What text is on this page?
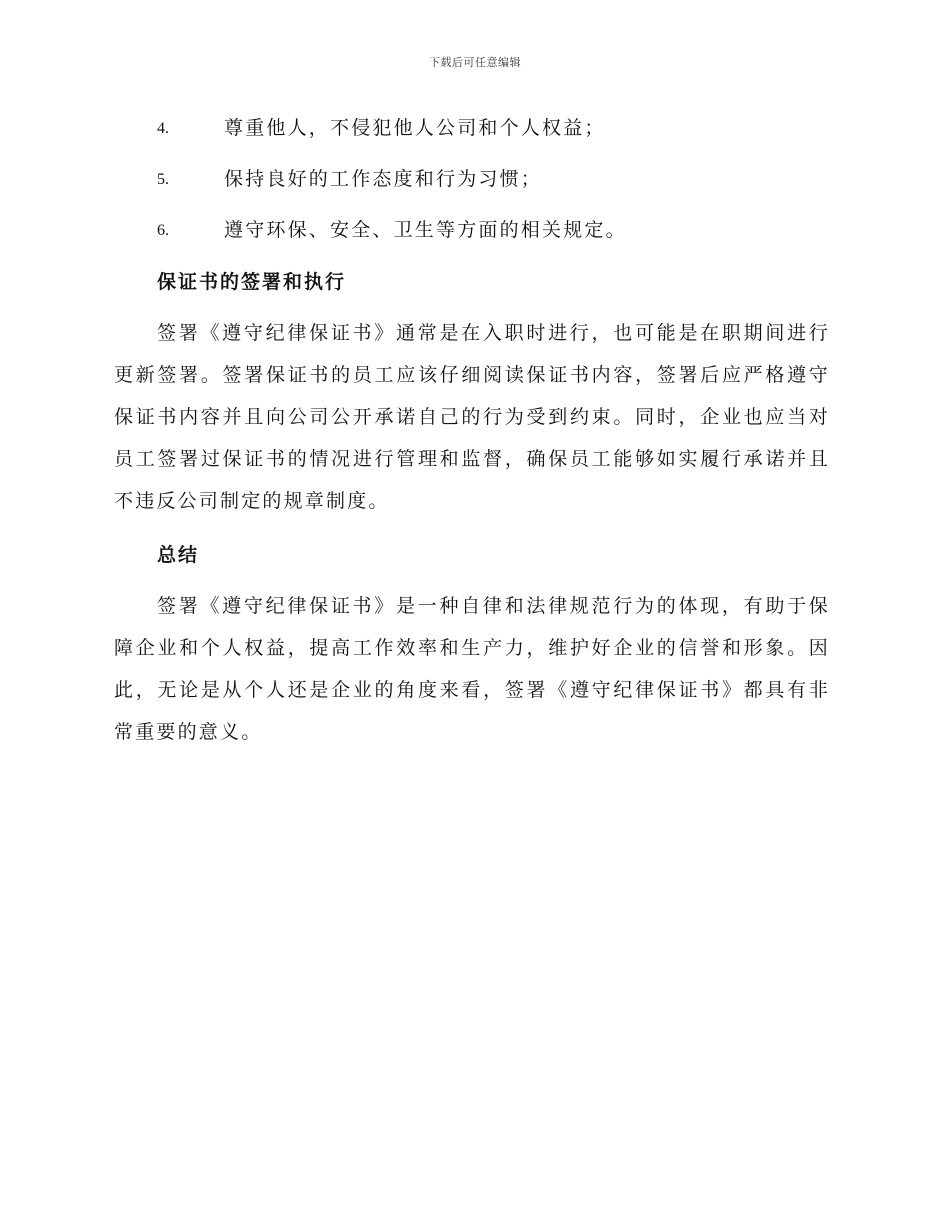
下载后可任意编辑
4.	尊重他人，不侵犯他人公司和个人权益；
5.	保持良好的工作态度和行为习惯；
6.	遵守环保、安全、卫生等方面的相关规定。
保证书的签署和执行

签署《遵守纪律保证书》通常是在入职时进行，也可能是在职期间进行更新签署。签署保证书的员工应该仔细阅读保证书内容，签署后应严格遵守保证书内容并且向公司公开承诺自己的行为受到约束。同时，企业也应当对员工签署过保证书的情况进行管理和监督，确保员工能够如实履行承诺并且不违反公司制定的规章制度。

总结

签署《遵守纪律保证书》是一种自律和法律规范行为的体现，有助于保障企业和个人权益，提高工作效率和生产力，维护好企业的信誉和形象。因此，无论是从个人还是企业的角度来看，签署《遵守纪律保证书》都具有非常重要的意义。
